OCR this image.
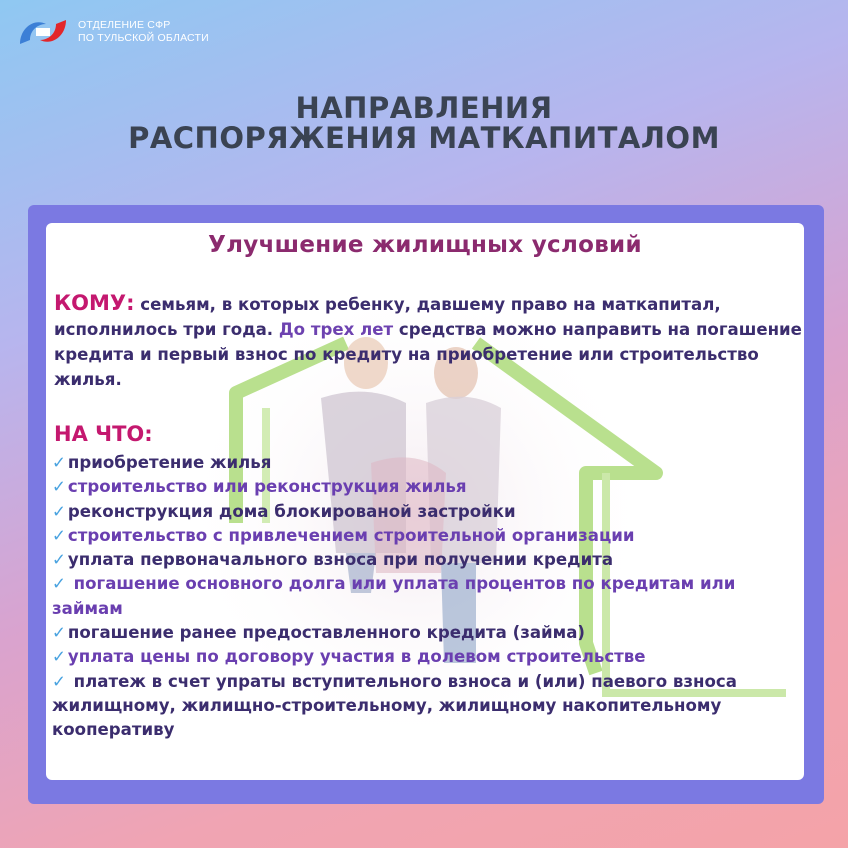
ОТДЕЛЕНИЕ СФР
ПО ТУЛЬСКОЙ ОБЛАСТИ
НАПРАВЛЕНИЯ
РАСПОРЯЖЕНИЯ МАТКАПИТАЛОМ
Улучшение жилищных условий

КОМУ: семьям, в которых ребенку, давшему право на маткапитал, исполнилось три года. До трех лет средства можно направить на погашение кредита и первый взнос по кредиту на приобретение или строительство жилья.

НА ЧТО:
✓ приобретение жилья
✓ строительство или реконструкция жилья
✓ реконструкция дома блокированой застройки
✓ строительство с привлечением строительной организации
✓ уплата первоначального взноса при получении кредита
✓ погашение основного долга или уплата процентов по кредитам или займам
✓ погашение ранее предоставленного кредита (займа)
✓ уплата цены по договору участия в долевом строительстве
✓ платеж в счет упраты вступительного взноса и (или) паевого взноса жилищному, жилищно-строительному, жилищному накопительному кооперативу
